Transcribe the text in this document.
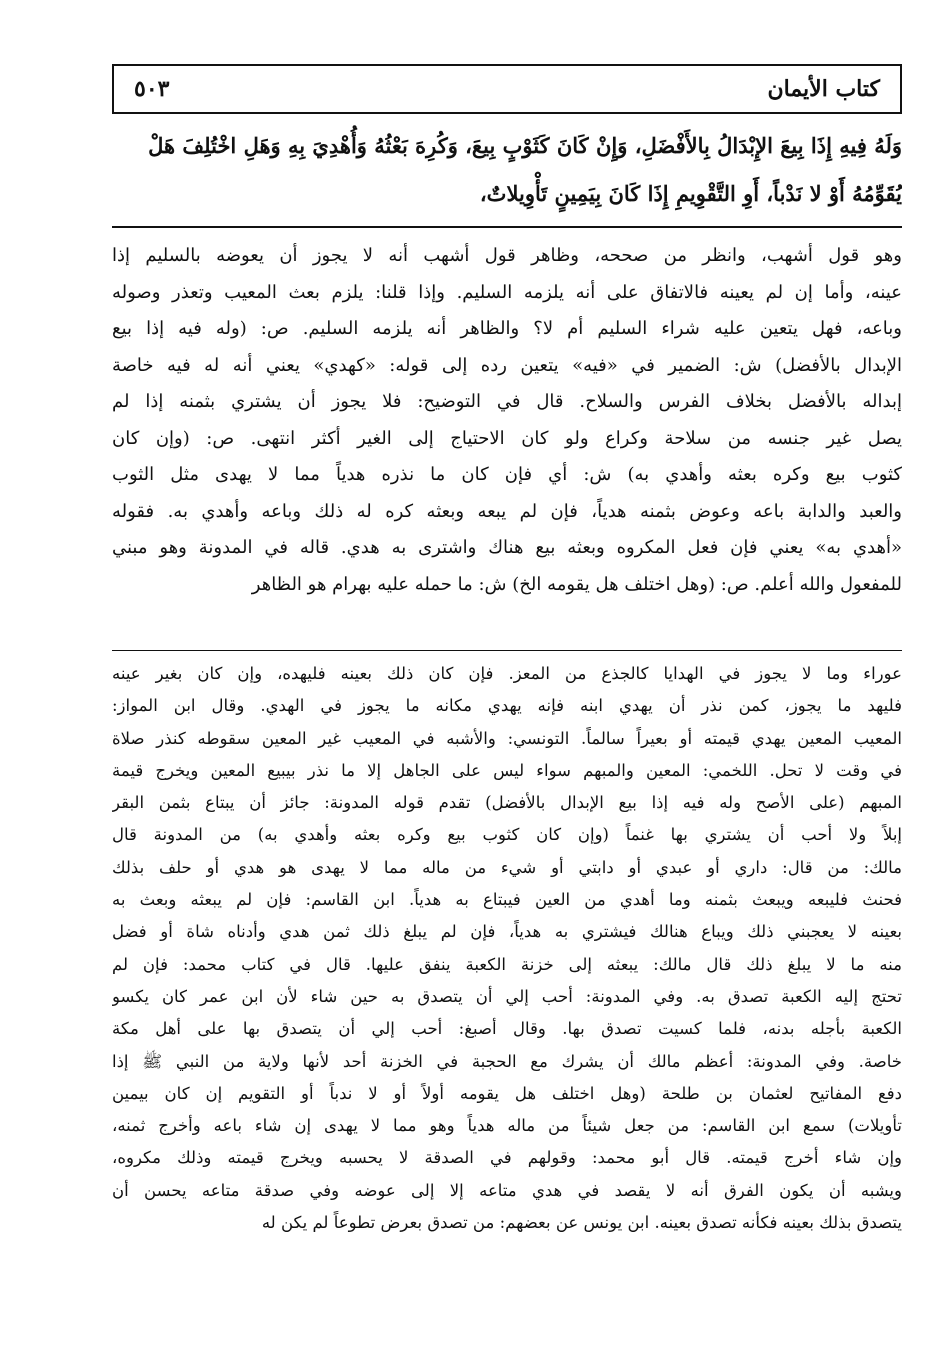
كتاب الأيمان
٥٠٣

وَلَهُ فِيهِ إِذَا بِيعَ الإِبْدَالُ بِالأَفْضَلِ، وَإِنْ كَانَ كَثَوْبٍ بِيعَ، وَكُرِهَ بَعْثُهُ وَأُهْدِيَ بِهِ وَهَلِ اخْتُلِفَ هَلْ

يُقَوِّمُهُ أَوْ لا نَدْباً، أَوِ التَّقْوِيمِ إِذَا كَانَ بِيَمِينٍ تَأْوِيلاتٌ،

وهو قول أشهب، وانظر من صححه، وظاهر قول أشهب أنه لا يجوز أن يعوضه بالسليم إذا

عينه، وأما إن لم يعينه فالاتفاق على أنه يلزمه السليم. وإذا قلنا: يلزم بعث المعيب وتعذر وصوله

وباعه، فهل يتعين عليه شراء السليم أم لا؟ والظاهر أنه يلزمه السليم. ص: (وله فيه إذا بيع

الإبدال بالأفضل) ش: الضمير في «فيه» يتعين رده إلى قوله: «كهدي» يعني أنه له فيه خاصة

إبداله بالأفضل بخلاف الفرس والسلاح. قال في التوضيح: فلا يجوز أن يشتري بثمنه إذا لم

يصل غير جنسه من سلاحة وكراع ولو كان الاحتياج إلى الغير أكثر انتهى. ص: (وإن كان

كثوب بيع وكره بعثه وأهدي به) ش: أي فإن كان ما نذره هدياً مما لا يهدى مثل الثوب

والعبد والدابة باعه وعوض بثمنه هدياً، فإن لم يبعه وبعثه كره له ذلك وباعه وأهدي به. فقوله

«أهدي به» يعني فإن فعل المكروه وبعثه بيع هناك واشترى به هدي. قاله في المدونة وهو مبني

للمفعول والله أعلم. ص: (وهل اختلف هل يقومه الخ) ش: ما حمله عليه بهرام هو الظاهر

عوراء وما لا يجوز في الهدايا كالجذع من المعز. فإن كان ذلك بعينه فليهده، وإن كان بغير عينه

فليهد ما يجوز، كمن نذر أن يهدي ابنه فإنه يهدي مكانه ما يجوز في الهدي. وقال ابن المواز:

المعيب المعين يهدي قيمته أو بعيراً سالماً. التونسي: والأشبه في المعيب غير المعين سقوطه كنذر صلاة

في وقت لا تحل. اللخمي: المعين والمبهم سواء ليس على الجاهل إلا ما نذر بيبيع المعين ويخرج قيمة

المبهم (على الأصح وله فيه إذا بيع الإبدال بالأفضل) تقدم قوله المدونة: جائز أن يبتاع بثمن البقر

إبلاً ولا أحب أن يشتري بها غنماً (وإن كان كثوب بيع وكره بعثه وأهدي به) من المدونة قال

مالك: من قال: داري أو عبدي أو دابتي أو شيء من ماله مما لا يهدى هو هدي أو حلف بذلك

فحنث فليبعه ويبعث بثمنه وما أهدي من العين فيبتاع به هدياً. ابن القاسم: فإن لم يبعثه وبعث به

بعينه لا يعجبني ذلك ويباع هنالك فيشتري به هدياً، فإن لم يبلغ ذلك ثمن هدي وأدناه شاة أو فضل

منه ما لا يبلغ ذلك قال مالك: يبعثه إلى خزنة الكعبة ينفق عليها. قال في كتاب محمد: فإن لم

تحتج إليه الكعبة تصدق به. وفي المدونة: أحب إلي أن يتصدق به حين شاء لأن ابن عمر كان يكسو

الكعبة بأجله بدنه، فلما كسيت تصدق بها. وقال أصبغ: أحب إلي أن يتصدق بها على أهل مكة

خاصة. وفي المدونة: أعظم مالك أن يشرك مع الحجبة في الخزنة أحد لأنها ولاية من النبي ﷺ إذا

دفع المفاتيح لعثمان بن طلحة (وهل اختلف هل يقومه أولاً أو لا ندباً أو التقويم إن كان بيمين

تأويلات) سمع ابن القاسم: من جعل شيئاً من ماله هدياً وهو مما لا يهدى إن شاء باعه وأخرج ثمنه،

وإن شاء أخرج قيمته. قال أبو محمد: وقولهم في الصدقة لا يحسبه ويخرج قيمته وذلك مكروه،

ويشبه أن يكون الفرق أنه لا يقصد في هدي متاعه إلا إلى عوضه وفي صدقة متاعه يحسن أن

يتصدق بذلك بعينه فكأنه تصدق بعينه. ابن يونس عن بعضهم: من تصدق بعرض تطوعاً لم يكن له
